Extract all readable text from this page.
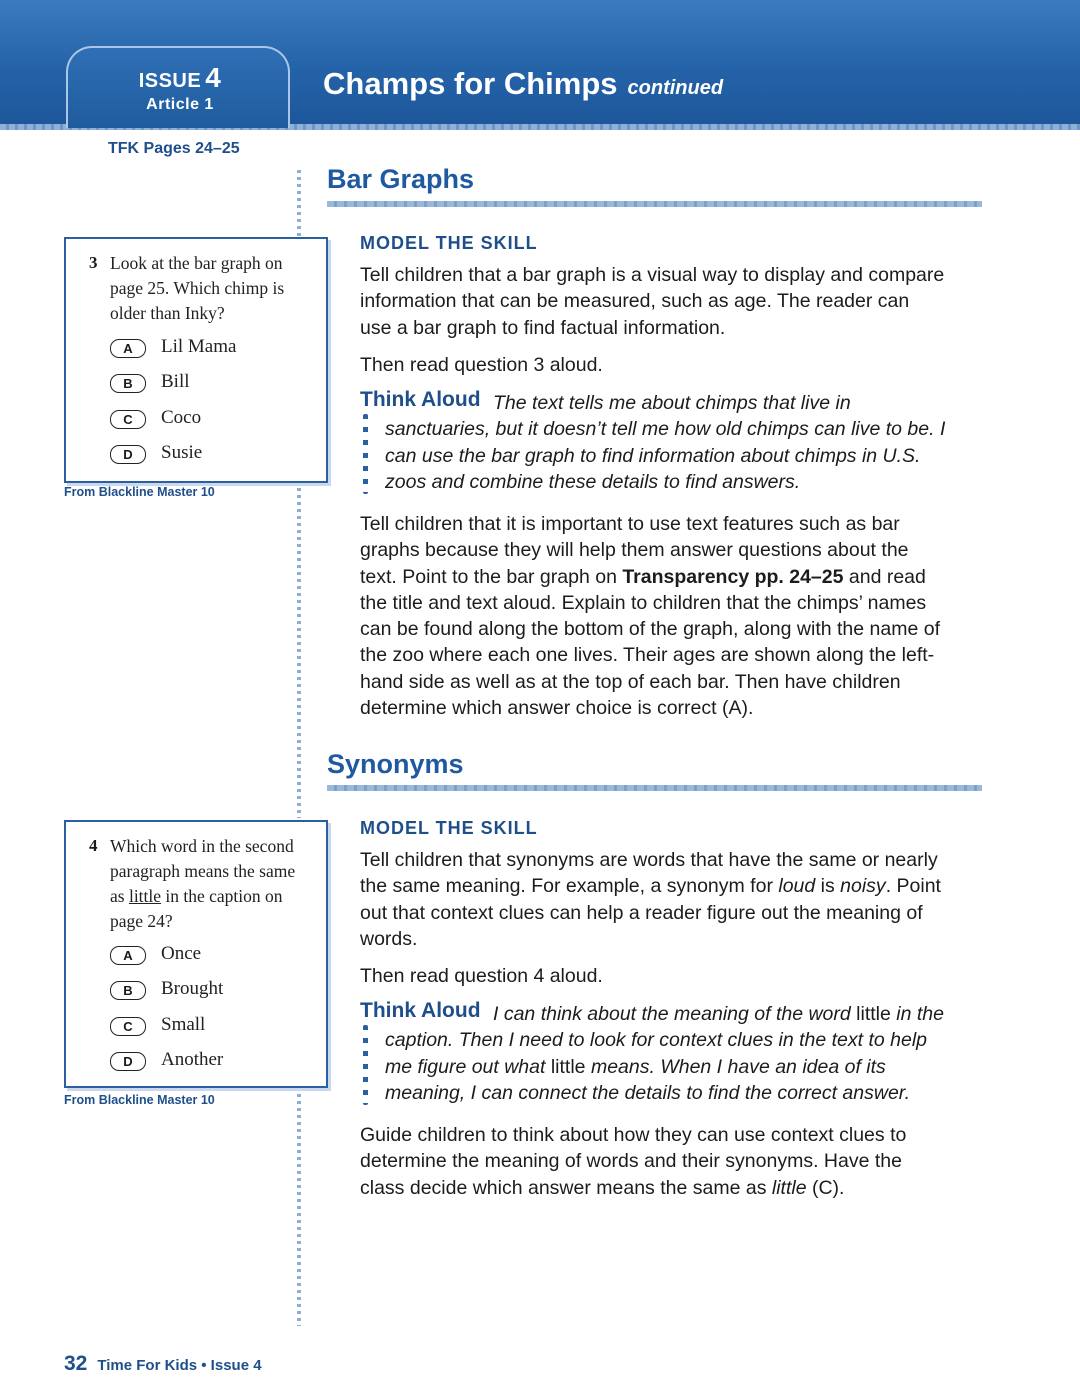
ISSUE 4
Article 1
Champs for Chimps continued
TFK Pages 24–25
3 Look at the bar graph on page 25. Which chimp is older than Inky?
A	Lil Mama
B	Bill
C	Coco
D	Susie
From Blackline Master 10
4 Which word in the second paragraph means the same as little in the caption on page 24?
A	Once
B	Brought
C	Small
D	Another
From Blackline Master 10
Bar Graphs
MODEL THE SKILL

Tell children that a bar graph is a visual way to display and compare information that can be measured, such as age. The reader can use a bar graph to find factual information.

Then read question 3 aloud.

Think Aloud The text tells me about chimps that live in sanctuaries, but it doesn’t tell me how old chimps can live to be. I can use the bar graph to find information about chimps in U.S. zoos and combine these details to find answers.

Tell children that it is important to use text features such as bar graphs because they will help them answer questions about the text. Point to the bar graph on Transparency pp. 24–25 and read the title and text aloud. Explain to children that the chimps’ names can be found along the bottom of the graph, along with the name of the zoo where each one lives. Their ages are shown along the left-hand side as well as at the top of each bar. Then have children determine which answer choice is correct (A).

Synonyms
MODEL THE SKILL

Tell children that synonyms are words that have the same or nearly the same meaning. For example, a synonym for loud is noisy. Point out that context clues can help a reader figure out the meaning of words.

Then read question 4 aloud.

Think Aloud I can think about the meaning of the word little in the caption. Then I need to look for context clues in the text to help me figure out what little means. When I have an idea of its meaning, I can connect the details to find the correct answer.

Guide children to think about how they can use context clues to determine the meaning of words and their synonyms. Have the class decide which answer means the same as little (C).

32 Time For Kids • Issue 4
